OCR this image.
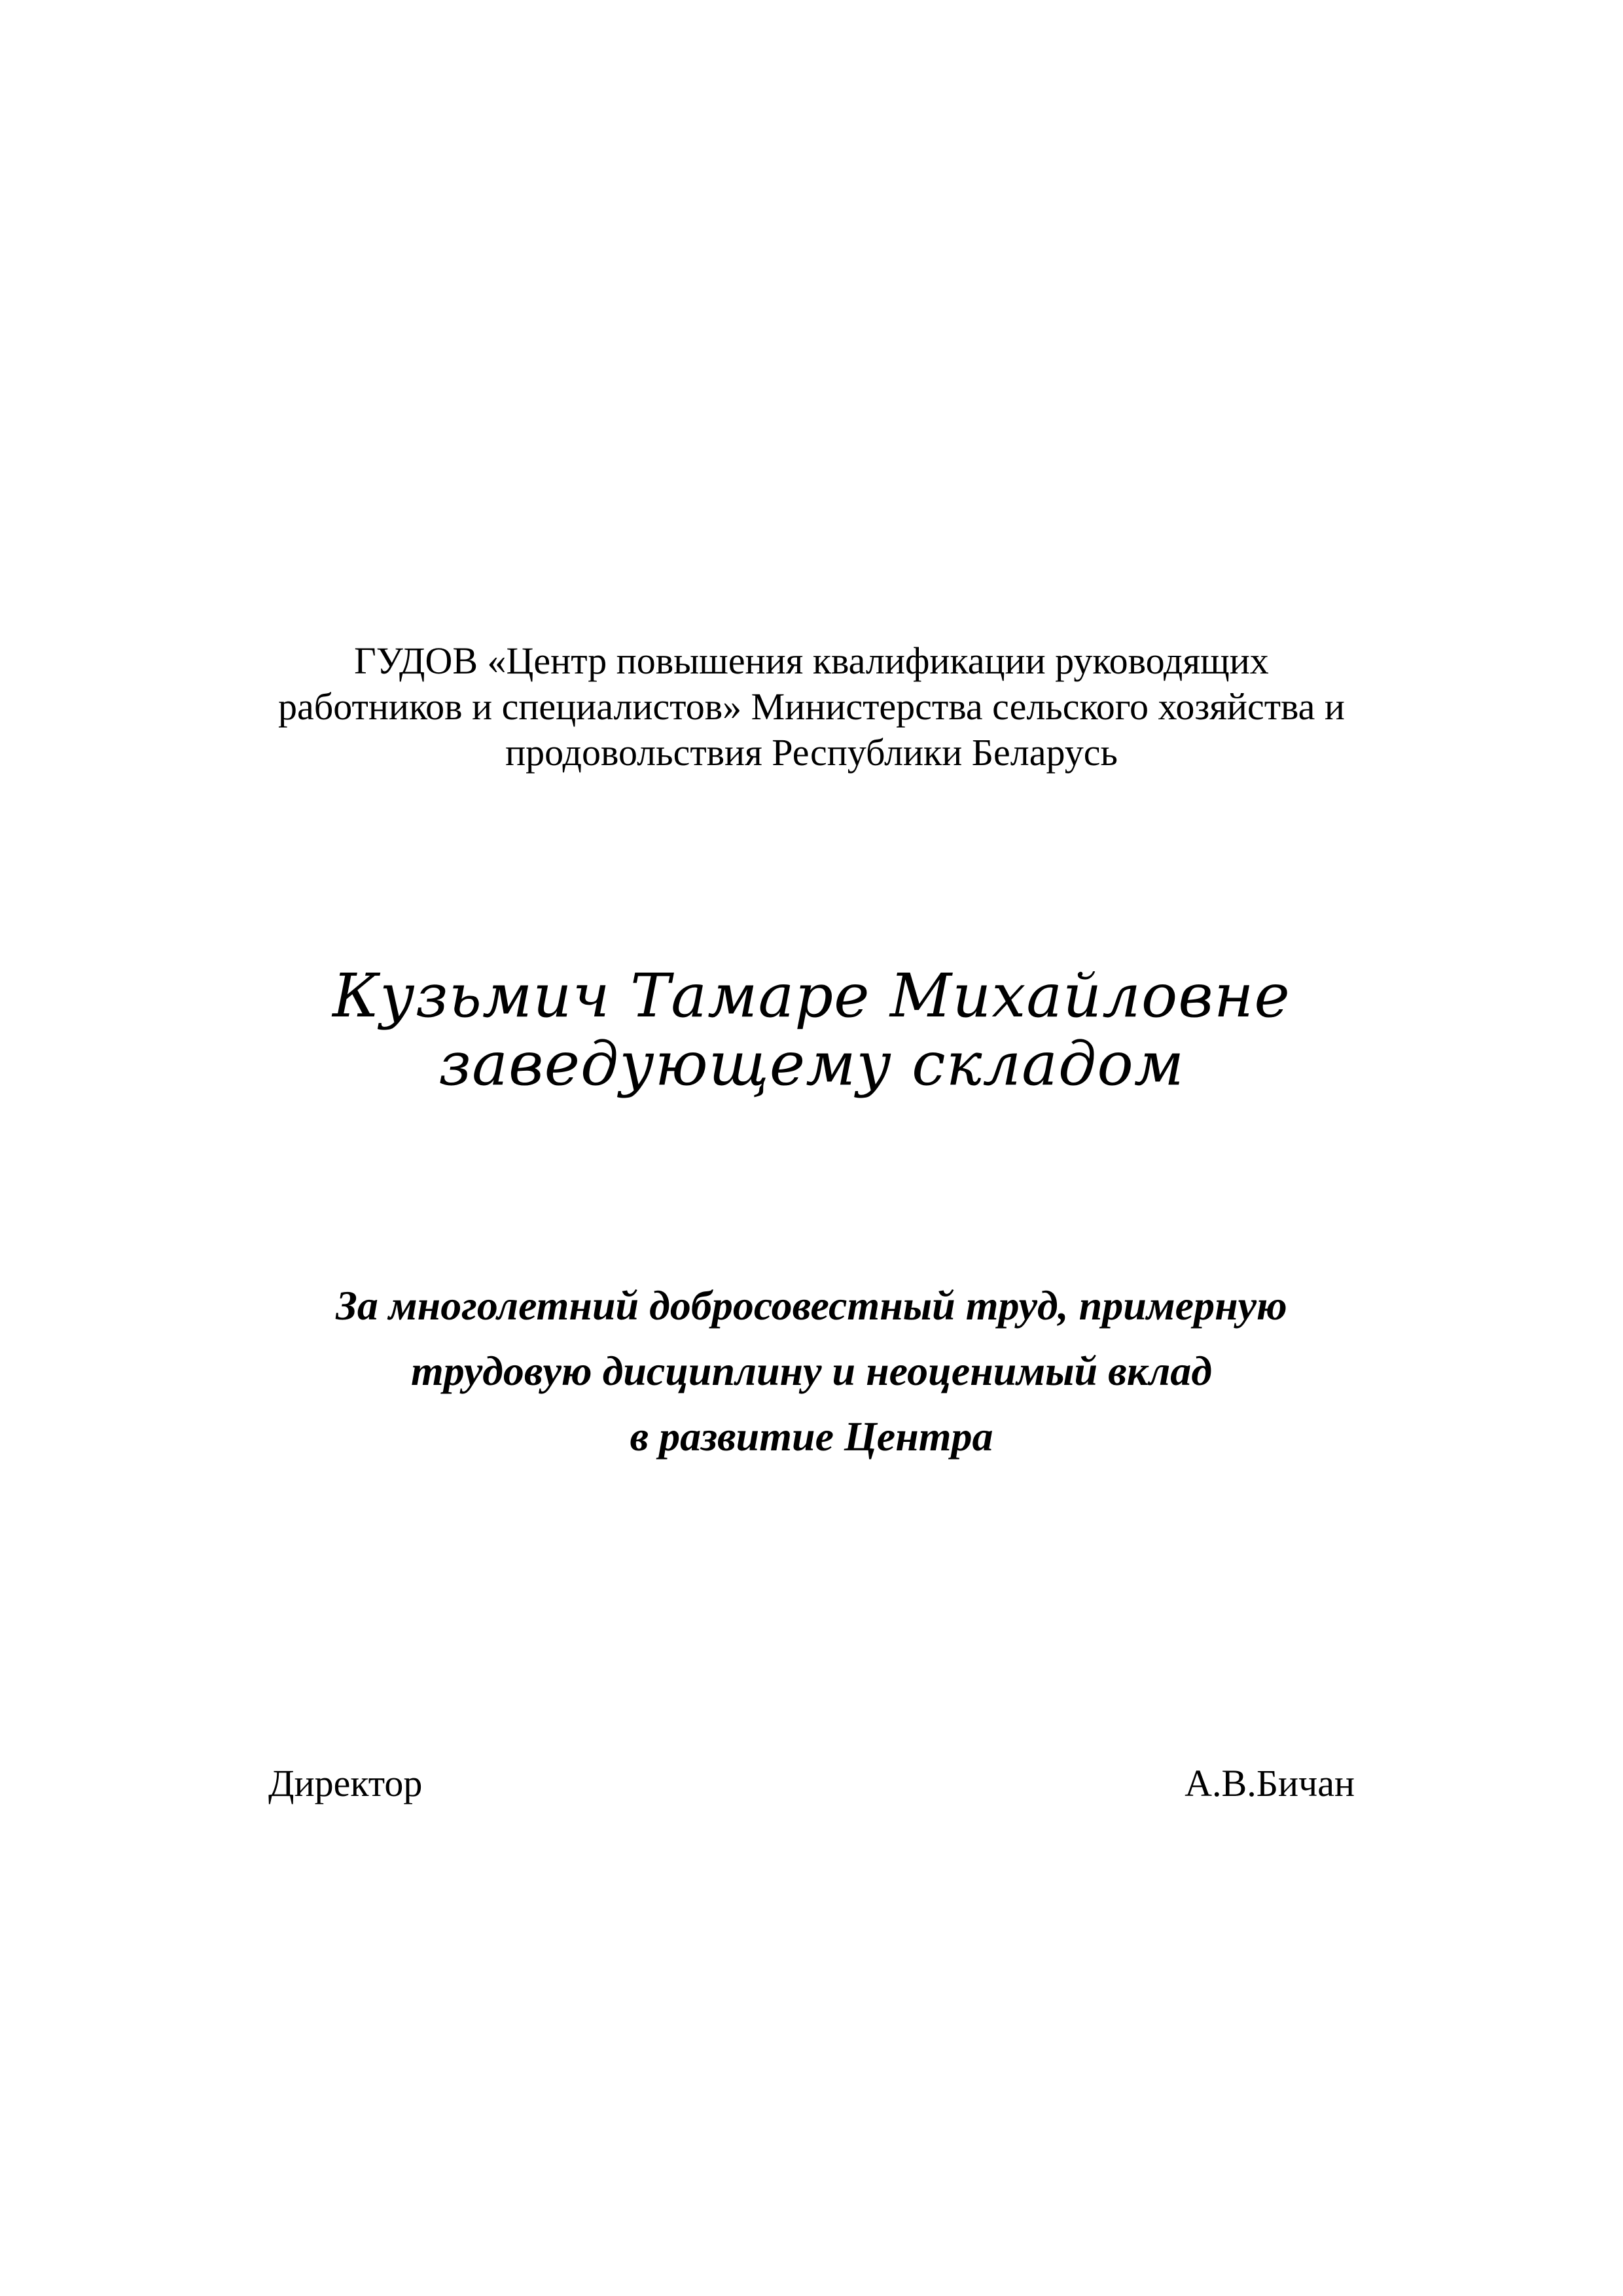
ГУДОВ «Центр повышения квалификации руководящих
работников и специалистов» Министерства сельского хозяйства и
продовольствия Республики Беларусь
Кузьмич Тамаре Михайловне
заведующему складом
За многолетний добросовестный труд, примерную
трудовую дисциплину и неоценимый вклад
в развитие Центра
Директор	А.В.Бичан
